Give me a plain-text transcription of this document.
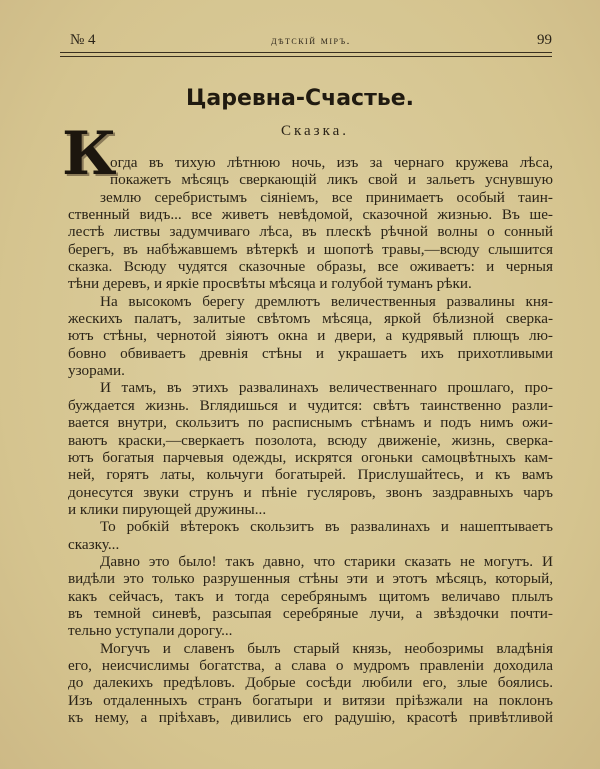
№ 4	дѣтскій міръ.	99
Царевна-Счастье.
Сказка.
К
огда въ тихую лѣтнюю ночь, изъ за чернаго кружева лѣса,
покажетъ мѣсяцъ сверкающій ликъ свой и зальетъ уснувшую
землю серебристымъ сіяніемъ, все принимаетъ особый таин-
ственный видъ... все живетъ невѣдомой, сказочной жизнью. Въ ше-
лестѣ листвы задумчиваго лѣса, въ плескѣ рѣчной волны о сонный
берегъ, въ набѣжавшемъ вѣтеркѣ и шопотѣ травы,—всюду слышится
сказка. Всюду чудятся сказочные образы, все оживаетъ: и черныя
тѣни деревъ, и яркіе просвѣты мѣсяца и голубой туманъ рѣки.
На высокомъ берегу дремлютъ величественныя развалины кня-
жескихъ палатъ, залитые свѣтомъ мѣсяца, яркой бѣлизной сверка-
ютъ стѣны, чернотой зіяютъ окна и двери, а кудрявый плющъ лю-
бовно обвиваетъ древнія стѣны и украшаетъ ихъ прихотливыми
узорами.
И тамъ, въ этихъ развалинахъ величественнаго прошлаго, про-
буждается жизнь. Вглядишься и чудится: свѣтъ таинственно разли-
вается внутри, скользитъ по расписнымъ стѣнамъ и подъ нимъ ожи-
ваютъ краски,—сверкаетъ позолота, всюду движеніе, жизнь, сверка-
ютъ богатыя парчевыя одежды, искрятся огоньки самоцвѣтныхъ кам-
ней, горятъ латы, кольчуги богатырей. Прислушайтесь, и къ вамъ
донесутся звуки струнъ и пѣніе гусляровъ, звонъ заздравныхъ чаръ
и клики пирующей дружины...
То робкій вѣтерокъ скользитъ въ развалинахъ и нашептываетъ
сказку...
Давно это было! такъ давно, что старики сказать не могутъ. И
видѣли это только разрушенныя стѣны эти и этотъ мѣсяцъ, который,
какъ сейчасъ, такъ и тогда серебрянымъ щитомъ величаво плылъ
въ темной синевѣ, разсыпая серебряные лучи, а звѣздочки почти-
тельно уступали дорогу...
Могучъ и славенъ былъ старый князь, необозримы владѣнія
его, неисчислимы богатства, а слава о мудромъ правленіи доходила
до далекихъ предѣловъ. Добрые сосѣди любили его, злые боялись.
Изъ отдаленныхъ странъ богатыри и витязи пріѣзжали на поклонъ
къ нему, а пріѣхавъ, дивились его радушію, красотѣ привѣтливой
